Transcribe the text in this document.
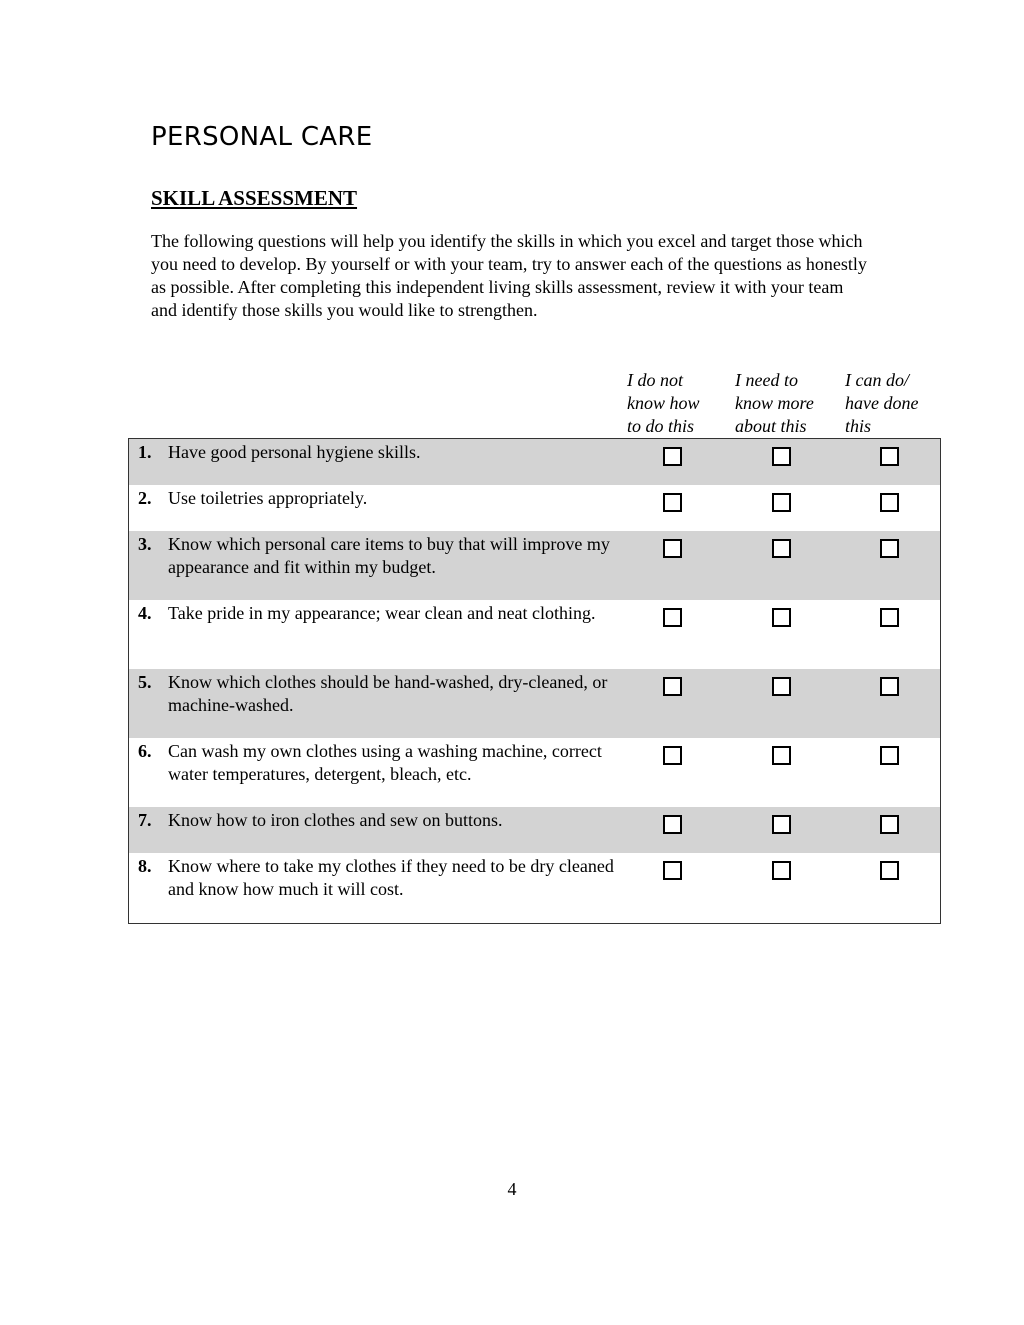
PERSONAL CARE
SKILL ASSESSMENT

The following questions will help you identify the skills in which you excel and target those which you need to develop. By yourself or with your team, try to answer each of the questions as honestly as possible. After completing this independent living skills assessment, review it with your team and identify those skills you would like to strengthen.

I do not
know how
to do this
I need to
know more
about this
I can do/
have done
this
1. Have good personal hygiene skills.
2. Use toiletries appropriately.
3. Know which personal care items to buy that will improve my appearance and fit within my budget.
4. Take pride in my appearance; wear clean and neat clothing.
5. Know which clothes should be hand-washed, dry-cleaned, or machine-washed.
6. Can wash my own clothes using a washing machine, correct water temperatures, detergent, bleach, etc.
7. Know how to iron clothes and sew on buttons.
8. Know where to take my clothes if they need to be dry cleaned and know how much it will cost.
4
